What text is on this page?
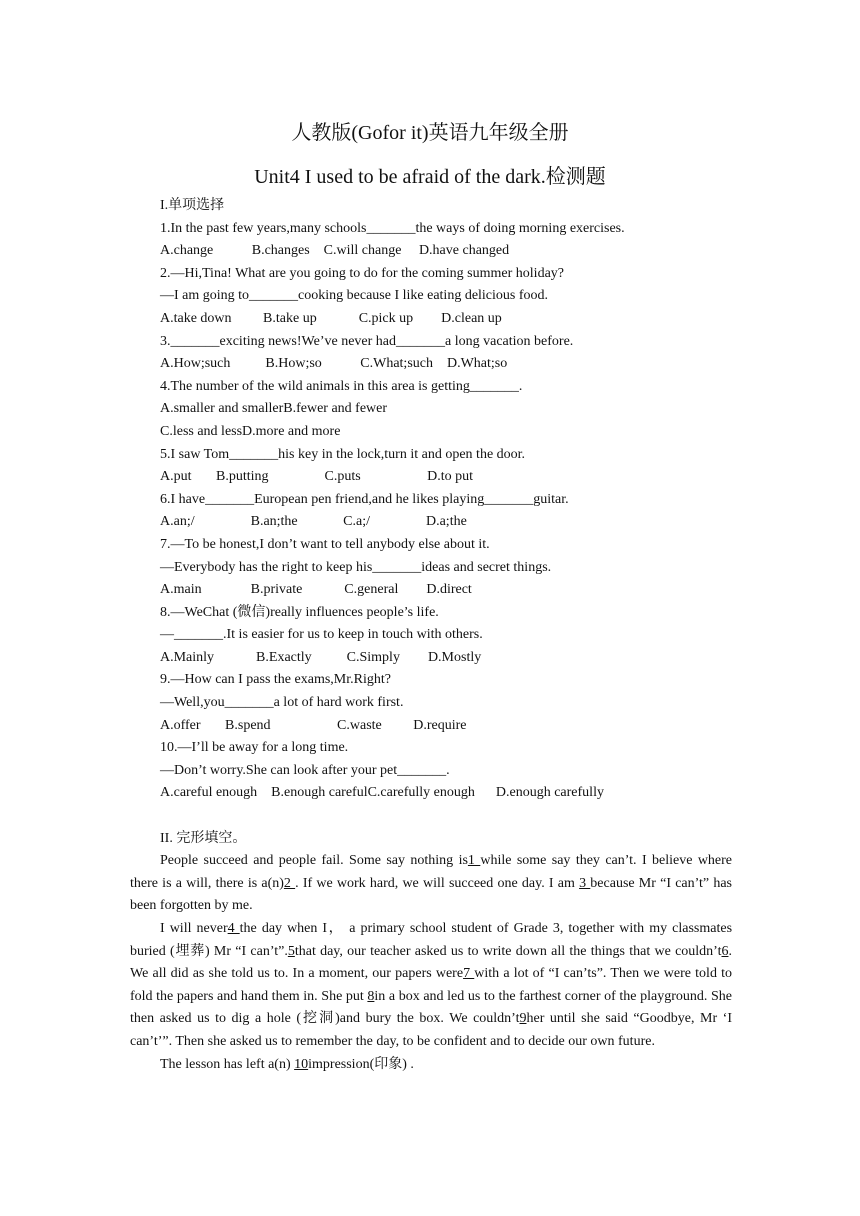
人教版(Gofor it)英语九年级全册
Unit4 I used to be afraid of the dark.检测题
I.单项选择
1.In the past few years,many schools_______the ways of doing morning exercises.
A.change           B.changes    C.will change     D.have changed
2.—Hi,Tina! What are you going to do for the coming summer holiday?
—I am going to_______cooking because I like eating delicious food.
A.take down         B.take up            C.pick up        D.clean up
3._______exciting news!We’ve never had_______a long vacation before.
A.How;such          B.How;so           C.What;such    D.What;so
4.The number of the wild animals in this area is getting_______.
A.smaller and smallerB.fewer and fewer
C.less and lessD.more and more
5.I saw Tom_______his key in the lock,turn it and open the door.
A.put       B.putting                C.puts                   D.to put
6.I have_______European pen friend,and he likes playing_______guitar.
A.an;/                B.an;the             C.a;/                D.a;the
7.—To be honest,I don’t want to tell anybody else about it.
—Everybody has the right to keep his_______ideas and secret things.
A.main              B.private            C.general        D.direct
8.—WeChat (微信)really influences people’s life.
—_______.It is easier for us to keep in touch with others.
A.Mainly            B.Exactly          C.Simply        D.Mostly
9.—How can I pass the exams,Mr.Right?
—Well,you_______a lot of hard work first.
A.offer       B.spend                   C.waste         D.require
10.—I’ll be away for a long time.
—Don’t worry.She can look after your pet_______.
A.careful enough    B.enough carefulC.carefully enough      D.enough carefully
II. 完形填空。

People succeed and people fail. Some say nothing is1 while some say they can’t. I believe where there is a will, there is a(n)2 . If we work hard, we will succeed one day. I am 3 because Mr “I can’t” has been forgotten by me.

I will never4 the day when I， a primary school student of Grade 3, together with my classmates buried (埋葬) Mr “I can’t”.5that day, our teacher asked us to write down all the things that we couldn’t6. We all did as she told us to. In a moment, our papers were7 with a lot of “I can’ts”. Then we were told to fold the papers and hand them in. She put 8in a box and led us to the farthest corner of the playground. She then asked us to dig a hole (挖洞)and bury the box. We couldn’t9her until she said “Goodbye, Mr ‘I can’t’”. Then she asked us to remember the day, to be confident and to decide our own future.

The lesson has left a(n) 10impression(印象) .
